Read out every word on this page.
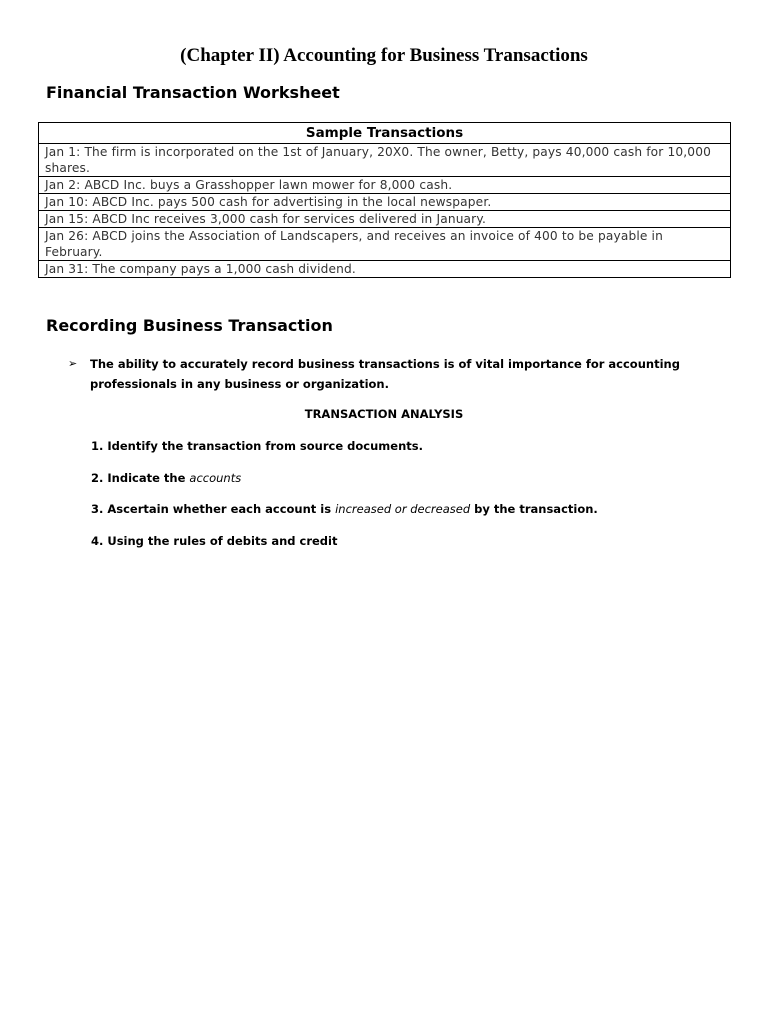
(Chapter II) Accounting for Business Transactions
Financial Transaction Worksheet
Sample Transactions
Jan 1: The firm is incorporated on the 1st of January, 20X0. The owner, Betty, pays 40,000 cash for 10,000 shares.
Jan 2: ABCD Inc. buys a Grasshopper lawn mower for 8,000 cash.
Jan 10: ABCD Inc. pays 500 cash for advertising in the local newspaper.
Jan 15: ABCD Inc receives 3,000 cash for services delivered in January.
Jan 26: ABCD joins the Association of Landscapers, and receives an invoice of 400 to be payable in February.
Jan 31: The company pays a 1,000 cash dividend.
Recording Business Transaction
➢ The ability to accurately record business transactions is of vital importance for accounting professionals in any business or organization.

TRANSACTION ANALYSIS

1. Identify the transaction from source documents.

2. Indicate the accounts

3. Ascertain whether each account is increased or decreased by the transaction.

4. Using the rules of debits and credit
